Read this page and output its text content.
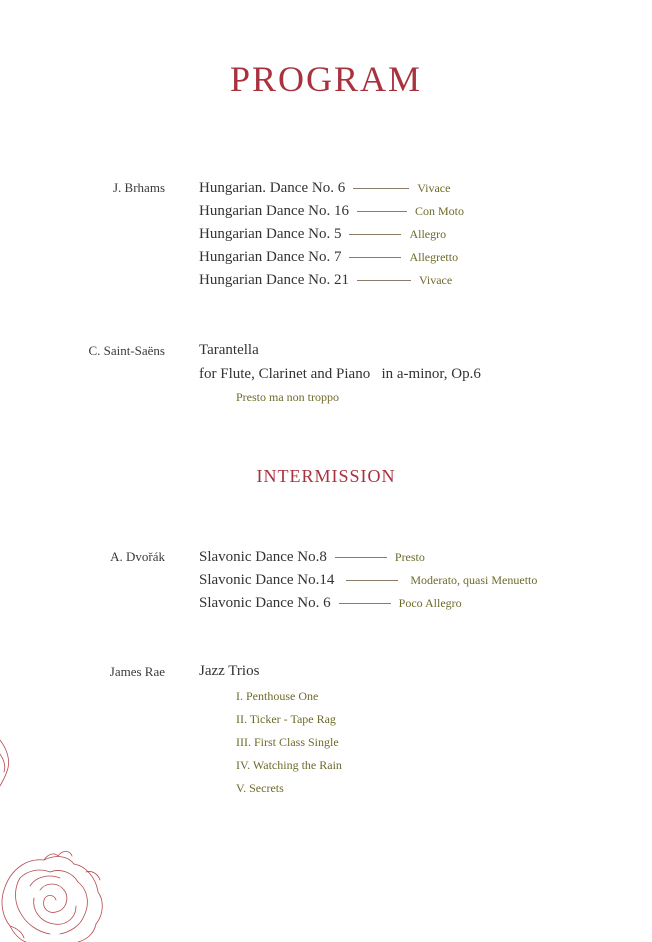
PROGRAM
J. Brhams Hungarian. Dance No. 6	Vivace
Hungarian Dance No. 16	Con Moto
Hungarian Dance No. 5	Allegro
Hungarian Dance No. 7	Allegretto
Hungarian Dance No. 21	Vivace
C. Saint-Saëns Tarantella
for Flute, Clarinet and Piano   in a-minor, Op.6
Presto ma non troppo
INTERMISSION
A. Dvořák Slavonic Dance No.8	Presto
Slavonic Dance No.14	Moderato, quasi Menuetto
Slavonic Dance No. 6	Poco Allegro
James Rae Jazz Trios
I. Penthouse One
II. Ticker - Tape Rag
III. First Class Single
IV. Watching the Rain
V. Secrets
